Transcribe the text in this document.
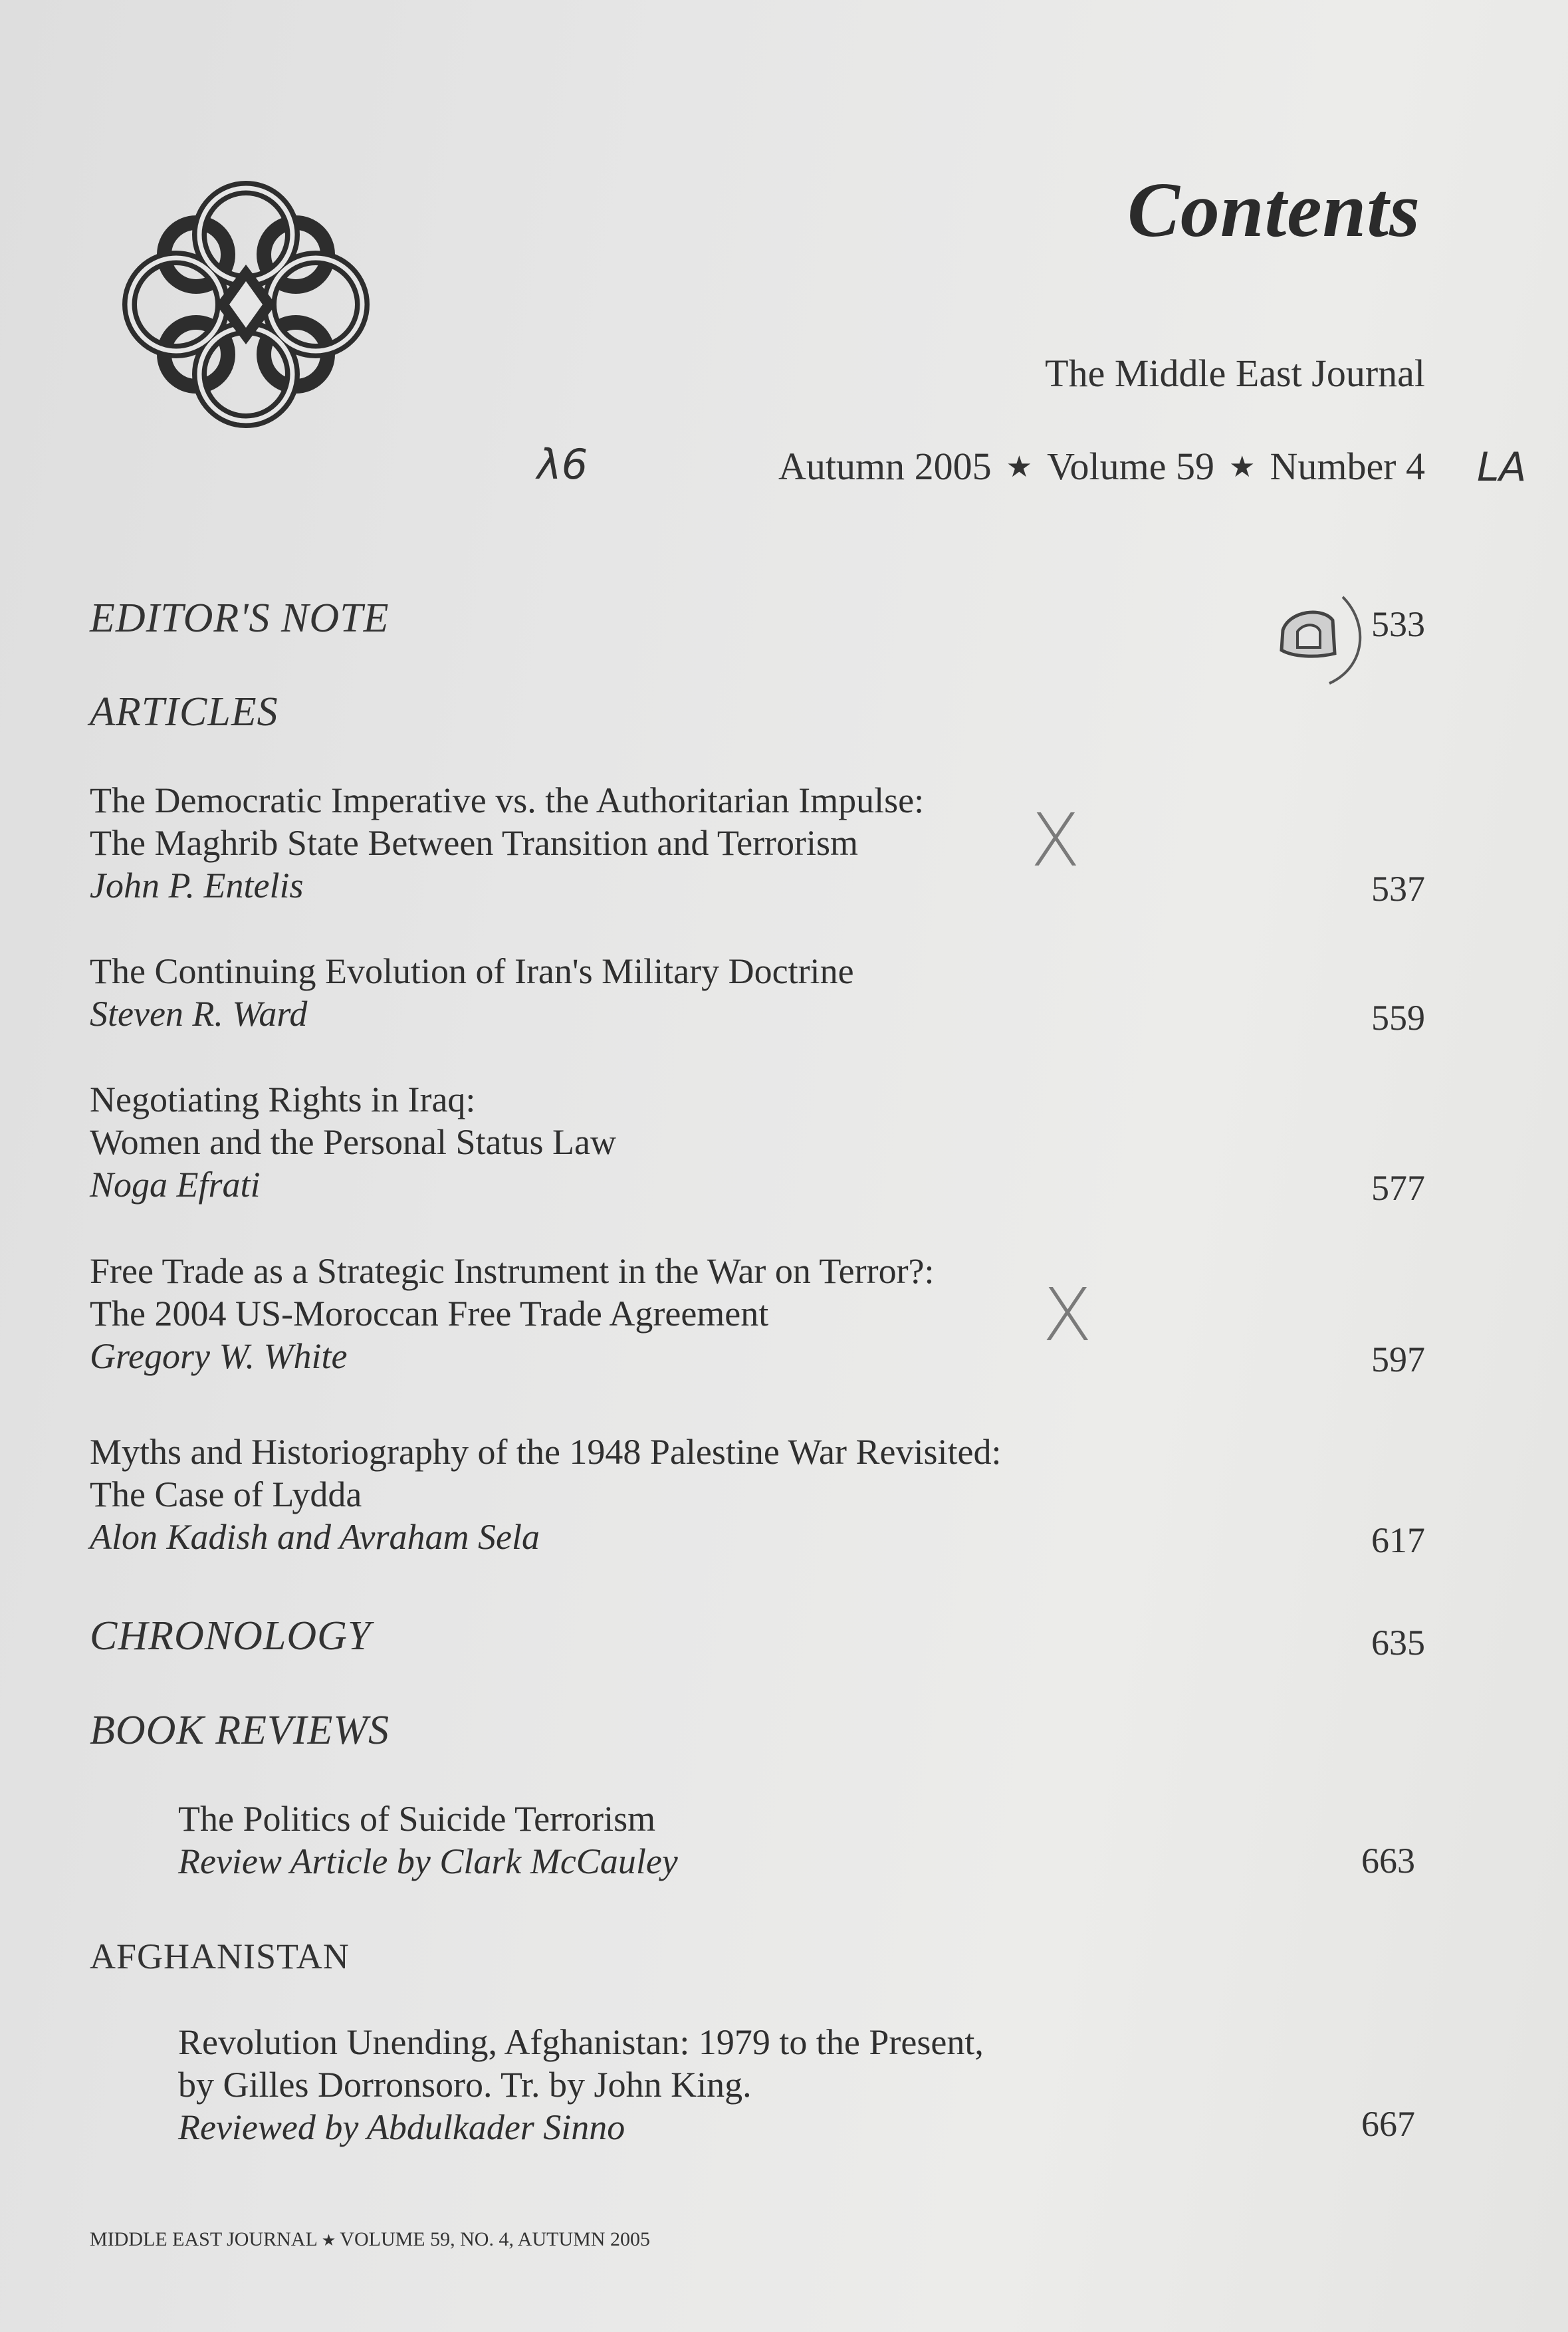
Contents
The Middle East Journal
λ6	LA
Autumn 2005 ★ Volume 59 ★ Number 4
EDITOR'S NOTE	533
ARTICLES
The Democratic Imperative vs. the Authoritarian Impulse:
The Maghrib State Between Transition and Terrorism
John P. Entelis	537
X
The Continuing Evolution of Iran's Military Doctrine
Steven R. Ward	559
Negotiating Rights in Iraq:
Women and the Personal Status Law
Noga Efrati	577
Free Trade as a Strategic Instrument in the War on Terror?:
The 2004 US-Moroccan Free Trade Agreement
Gregory W. White	597
X
Myths and Historiography of the 1948 Palestine War Revisited:
The Case of Lydda
Alon Kadish and Avraham Sela	617
CHRONOLOGY	635
BOOK REVIEWS
The Politics of Suicide Terrorism
Review Article by Clark McCauley	663
AFGHANISTAN
Revolution Unending, Afghanistan: 1979 to the Present,
by Gilles Dorronsoro. Tr. by John King.
Reviewed by Abdulkader Sinno	667
MIDDLE EAST JOURNAL ★ VOLUME 59, NO. 4, AUTUMN 2005
